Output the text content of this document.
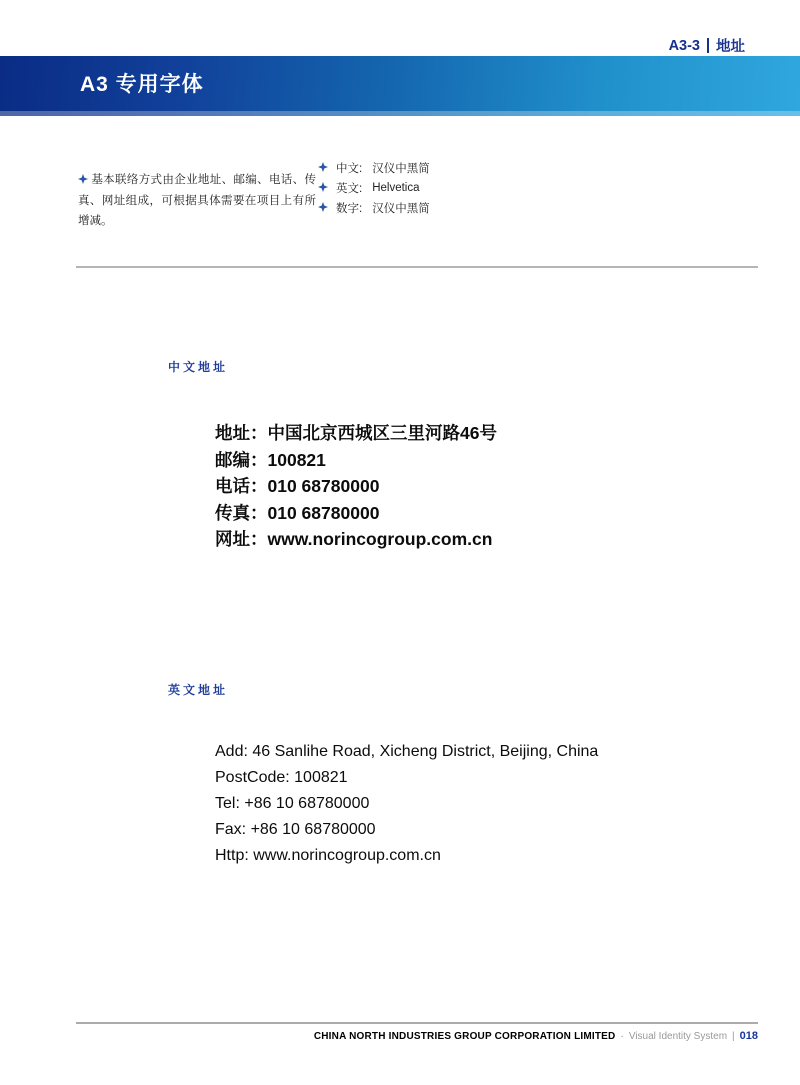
A3-3 地址
A3 专用字体

基本联络方式由企业地址、邮编、电话、传真、网址组成，可根据具体需要在项目上有所增减。

中文: 汉仪中黑简
英文: Helvetica
数字: 汉仪中黑简
中文地址
地址：中国北京西城区三里河路46号
邮编：100821
电话：010 68780000
传真：010 68780000
网址：www.norincogroup.com.cn
英文地址
Add: 46 Sanlihe Road, Xicheng District, Beijing, China
PostCode: 100821
Tel: +86 10 68780000
Fax: +86 10 68780000
Http: www.norincogroup.com.cn
CHINA NORTH INDUSTRIES GROUP CORPORATION LIMITED · Visual Identity System | 018
